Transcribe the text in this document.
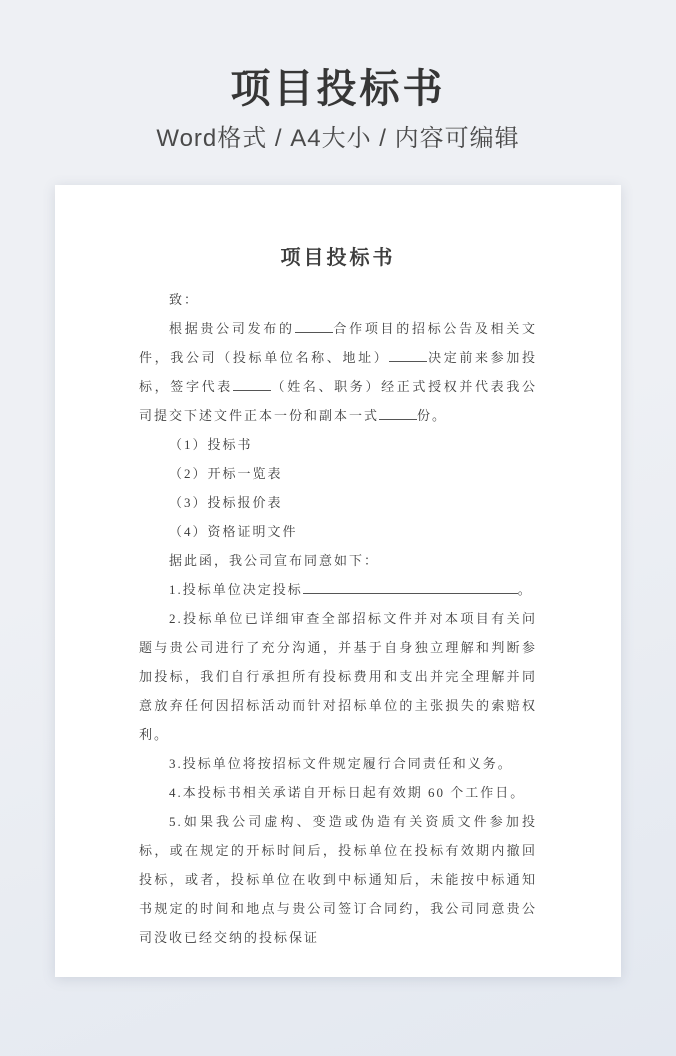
项目投标书
Word格式 / A4大小 / 内容可编辑
项目投标书

致：

根据贵公司发布的	合作项目的招标公告及相关文件，我公司（投标单位名称、地址）	决定前来参加投标，签字代表	（姓名、职务）经正式授权并代表我公司提交下述文件正本一份和副本一式	份。

（1）投标书

（2）开标一览表

（3）投标报价表

（4）资格证明文件

据此函，我公司宣布同意如下：

1.投标单位决定投标	。

2.投标单位已详细审查全部招标文件并对本项目有关问题与贵公司进行了充分沟通，并基于自身独立理解和判断参加投标，我们自行承担所有投标费用和支出并完全理解并同意放弃任何因招标活动而针对招标单位的主张损失的索赔权利。

3.投标单位将按招标文件规定履行合同责任和义务。

4.本投标书相关承诺自开标日起有效期 60 个工作日。

5.如果我公司虚构、变造或伪造有关资质文件参加投标，或在规定的开标时间后，投标单位在投标有效期内撤回投标，或者，投标单位在收到中标通知后，未能按中标通知书规定的时间和地点与贵公司签订合同约，我公司同意贵公司没收已经交纳的投标保证
